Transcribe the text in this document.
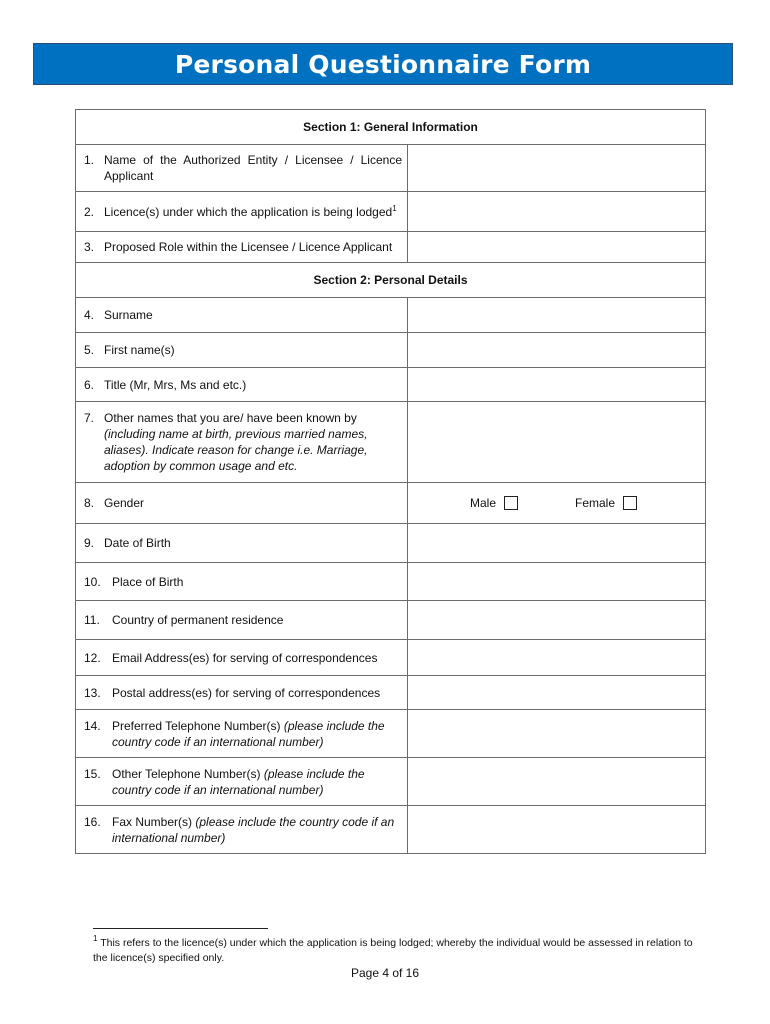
Personal Questionnaire Form
Section 1: General Information	

1. Name of the Authorized Entity / Licensee / Licence
Applicant	

2. Licence(s) under which the application is being lodged$^1$

3. Proposed Role within the Licensee / Licence Applicant	

Section 2: Personal Details	

4. Surname	

5. First name(s)	

6. Title (Mr, Mrs, Ms and etc.)	

7. Other names that you are/ have been known by
(including name at birth, previous married names, aliases). Indicate reason for change i.e. Marriage, adoption by common usage and etc.	

8. Gender	Male Female

9. Date of Birth	

10. Place of Birth	

11. Country of permanent residence	

12. Email Address(es) for serving of correspondences	

13. Postal address(es) for serving of correspondences	

14. Preferred Telephone Number(s) (please include the country code if an international number)	

15. Other Telephone Number(s) (please include the country code if an international number)	

16. Fax Number(s) (please include the country code if an international number)	

$^1$ This refers to the licence(s) under which the application is being lodged; whereby the individual would be assessed in relation to the licence(s) specified only.
Page 4 of 16
